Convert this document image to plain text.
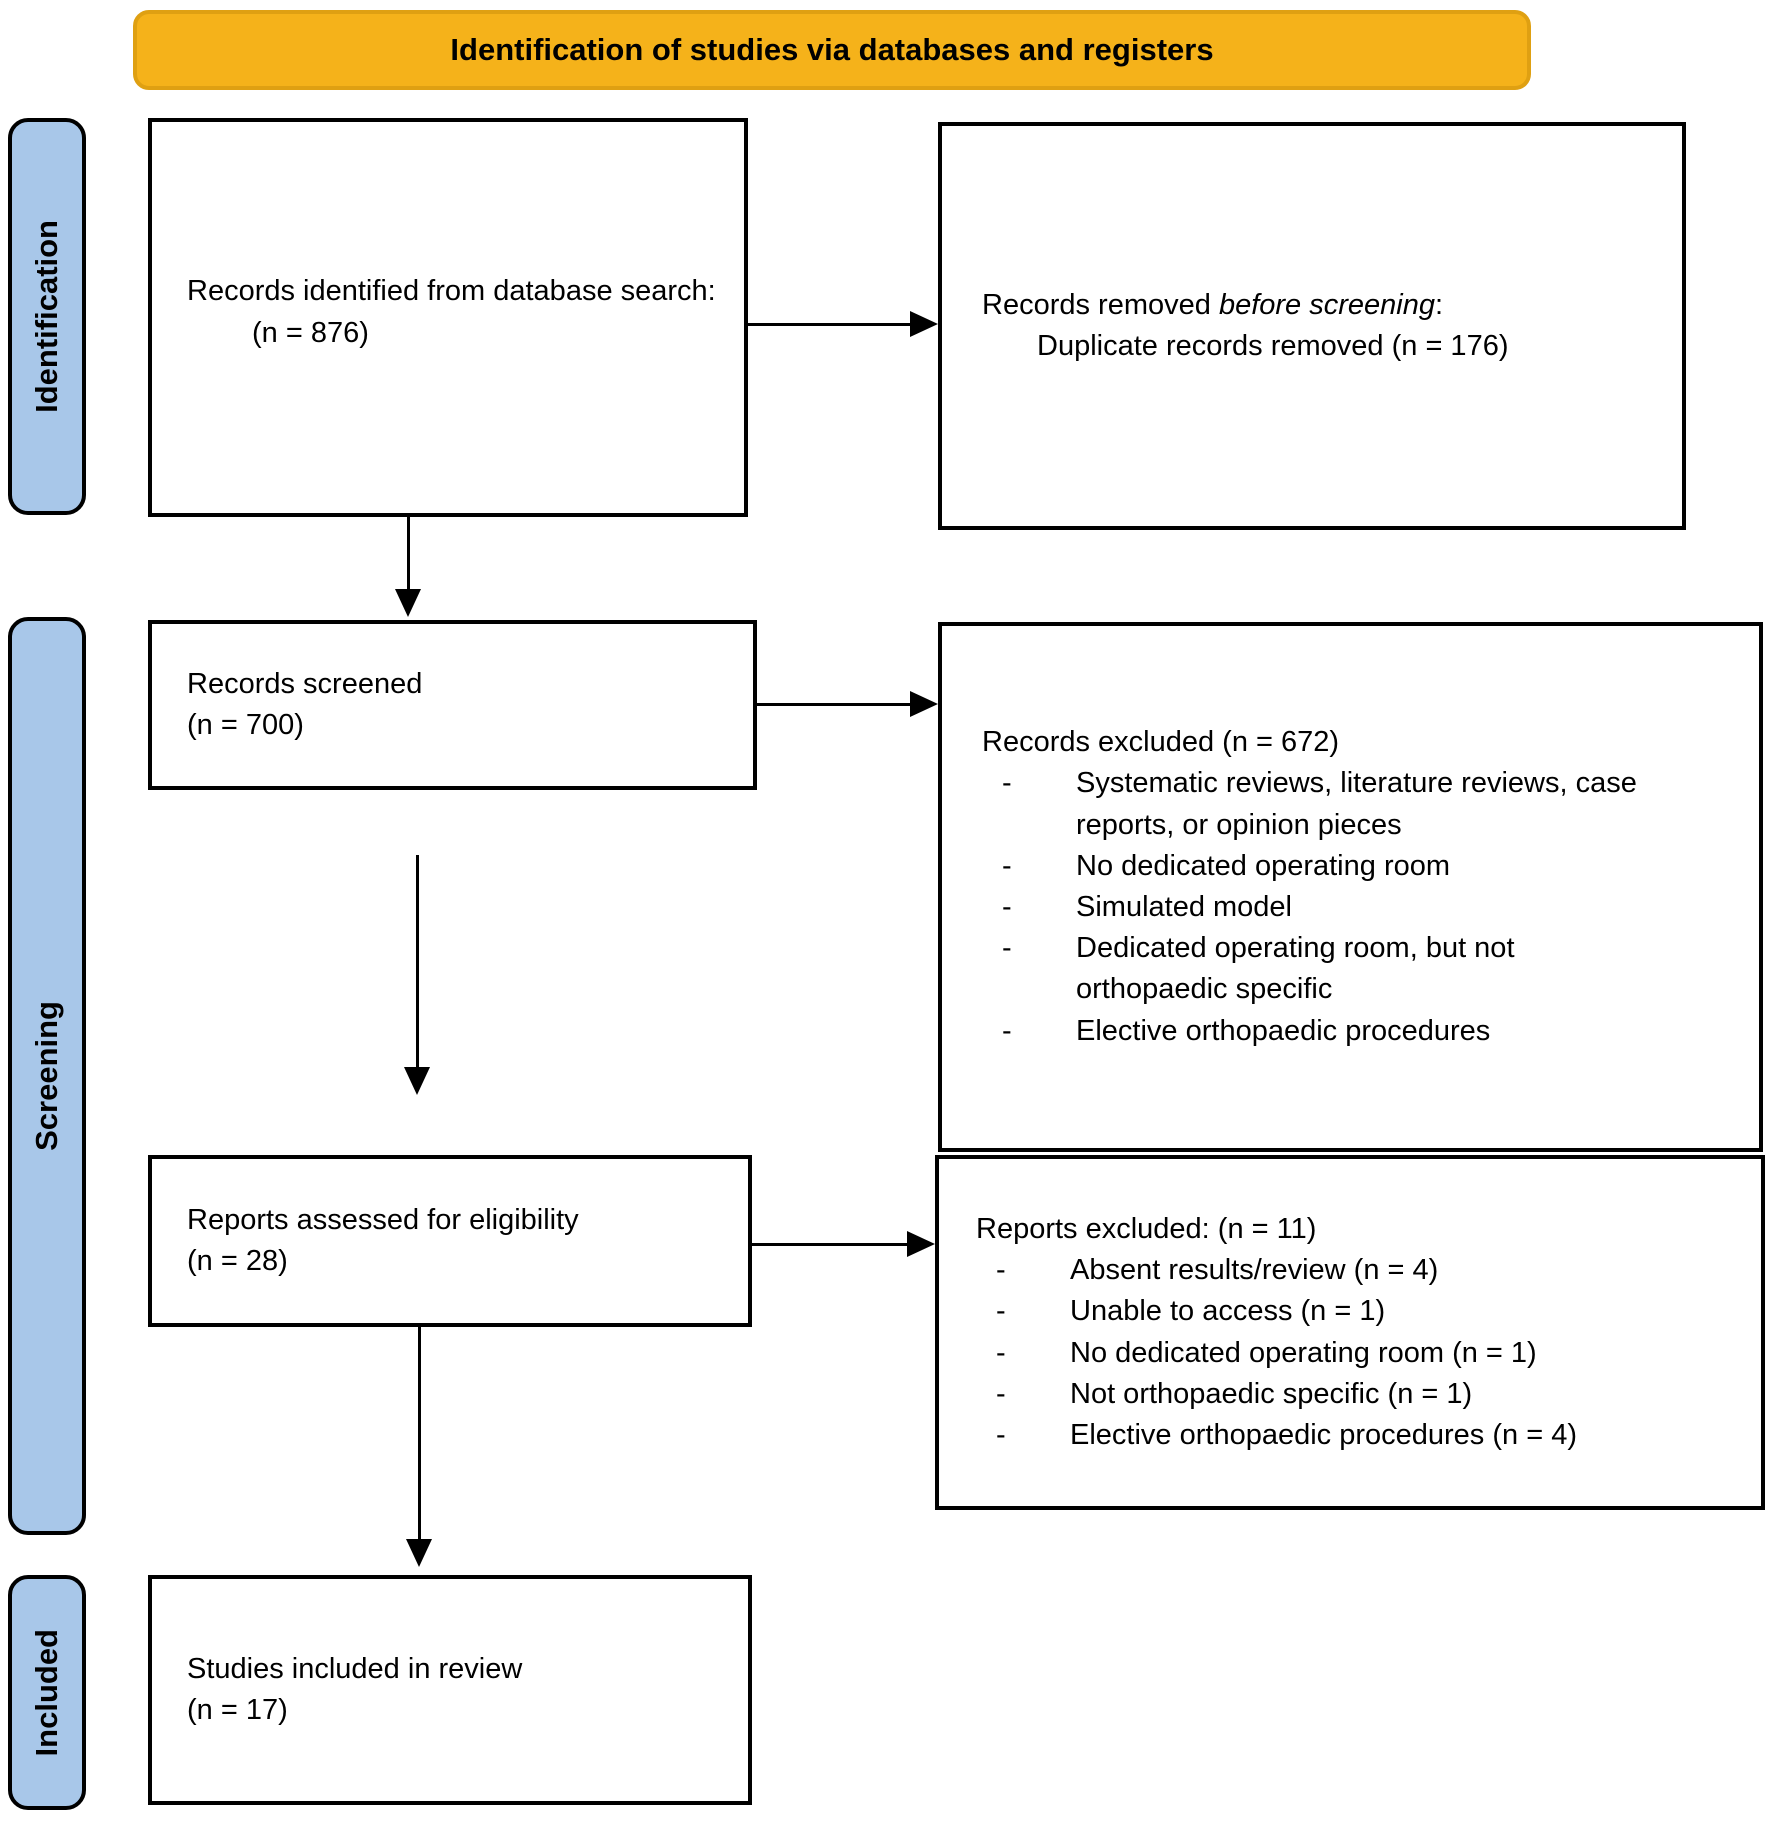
Identification of studies via databases and registers
Identification
Screening
Included
Records identified from database search:
(n = 876)
Records removed before screening:
Duplicate records removed (n = 176)
Records screened
(n = 700)
Records excluded (n = 672)
-	Systematic reviews, literature reviews, case reports, or opinion pieces
-	No dedicated operating room
-	Simulated model
-	Dedicated operating room, but not orthopaedic specific
-	Elective orthopaedic procedures
Reports assessed for eligibility
(n = 28)
Reports excluded: (n = 11)
-	Absent results/review (n = 4)
-	Unable to access (n = 1)
-	No dedicated operating room (n = 1)
-	Not orthopaedic specific (n = 1)
-	Elective orthopaedic procedures (n = 4)
Studies included in review
(n = 17)
